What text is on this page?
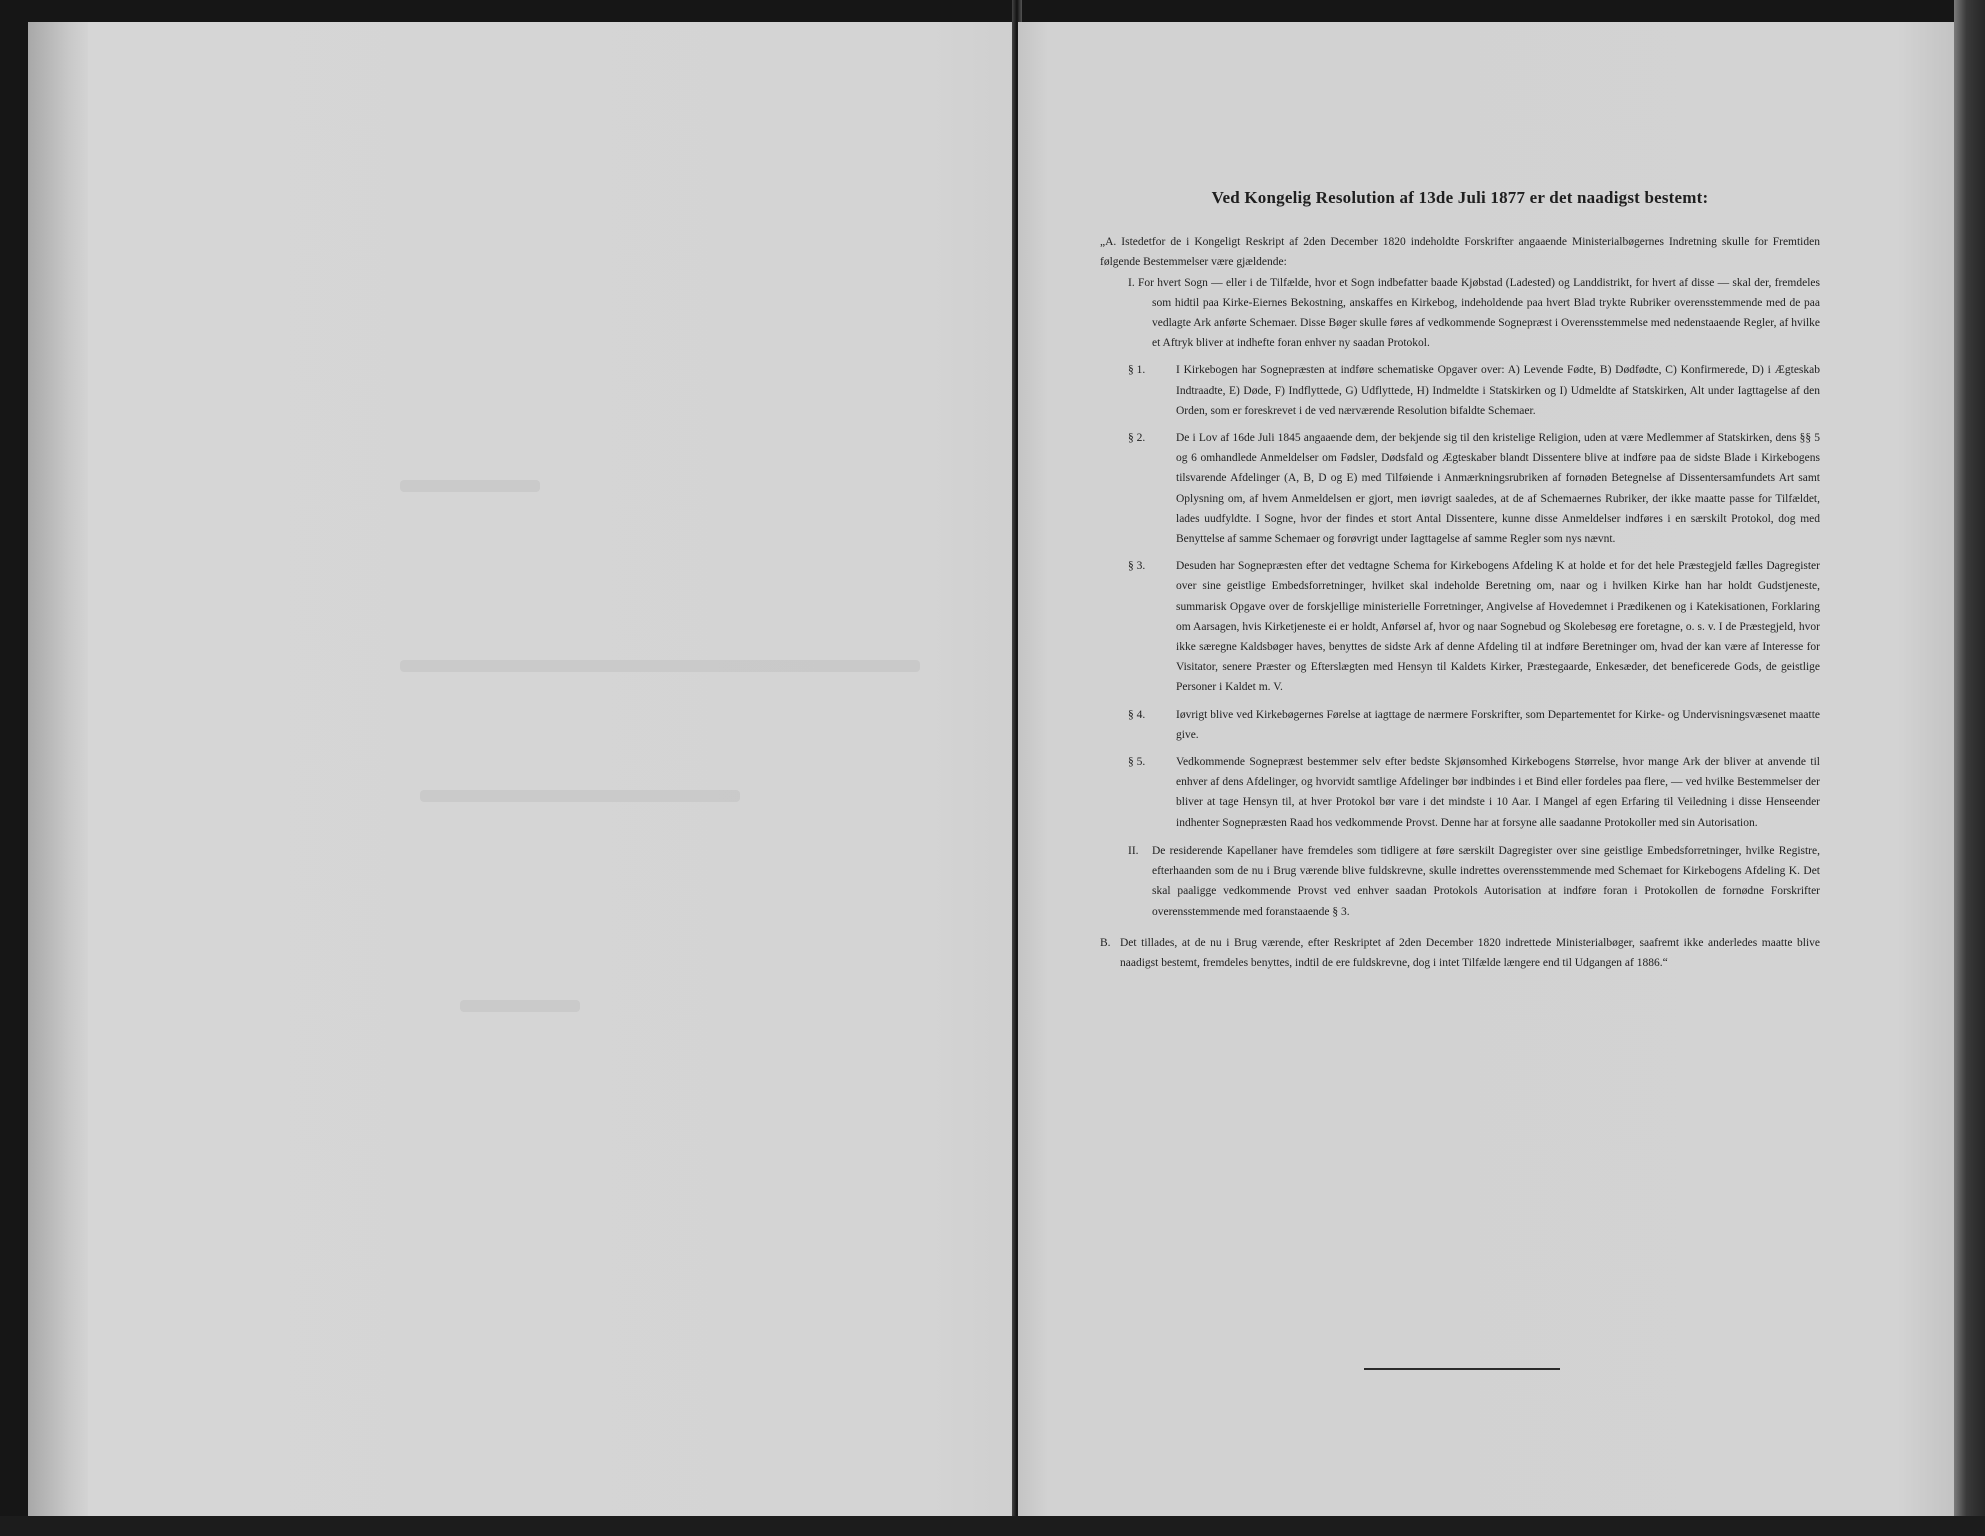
Ved Kongelig Resolution af 13de Juli 1877 er det naadigst bestemt:

„A. Istedetfor de i Kongeligt Reskript af 2den December 1820 indeholdte Forskrifter angaaende Ministerialbøgernes Indretning skulle for Fremtiden følgende Bestemmelser være gjældende:

I. For hvert Sogn — eller i de Tilfælde, hvor et Sogn indbefatter baade Kjøbstad (Ladested) og Landdistrikt, for hvert af disse — skal der, fremdeles som hidtil paa Kirke-Eiernes Bekostning, anskaffes en Kirkebog, indeholdende paa hvert Blad trykte Rubriker overensstemmende med de paa vedlagte Ark anførte Schemaer. Disse Bøger skulle føres af vedkommende Sognepræst i Overensstemmelse med nedenstaaende Regler, af hvilke et Aftryk bliver at indhefte foran enhver ny saadan Protokol.

§ 1.	I Kirkebogen har Sognepræsten at indføre schematiske Opgaver over: A) Levende Fødte, B) Dødfødte, C) Konfirmerede, D) i Ægteskab Indtraadte, E) Døde, F) Indflyttede, G) Udflyttede, H) Indmeldte i Statskirken og I) Udmeldte af Statskirken, Alt under Iagttagelse af den Orden, som er foreskrevet i de ved nærværende Resolution bifaldte Schemaer.

§ 2.	De i Lov af 16de Juli 1845 angaaende dem, der bekjende sig til den kristelige Religion, uden at være Medlemmer af Statskirken, dens §§ 5 og 6 omhandlede Anmeldelser om Fødsler, Dødsfald og Ægteskaber blandt Dissentere blive at indføre paa de sidste Blade i Kirkebogens tilsvarende Afdelinger (A, B, D og E) med Tilføiende i Anmærkningsrubriken af fornøden Betegnelse af Dissentersamfundets Art samt Oplysning om, af hvem Anmeldelsen er gjort, men iøvrigt saaledes, at de af Schemaernes Rubriker, der ikke maatte passe for Tilfældet, lades uudfyldte. I Sogne, hvor der findes et stort Antal Dissentere, kunne disse Anmeldelser indføres i en særskilt Protokol, dog med Benyttelse af samme Schemaer og forøvrigt under Iagttagelse af samme Regler som nys nævnt.

§ 3.	Desuden har Sognepræsten efter det vedtagne Schema for Kirkebogens Afdeling K at holde et for det hele Præstegjeld fælles Dagregister over sine geistlige Embedsforretninger, hvilket skal indeholde Beretning om, naar og i hvilken Kirke han har holdt Gudstjeneste, summarisk Opgave over de forskjellige ministerielle Forretninger, Angivelse af Hovedemnet i Prædikenen og i Katekisationen, Forklaring om Aarsagen, hvis Kirketjeneste ei er holdt, Anførsel af, hvor og naar Sognebud og Skolebesøg ere foretagne, o. s. v. I de Præstegjeld, hvor ikke særegne Kaldsbøger haves, benyttes de sidste Ark af denne Afdeling til at indføre Beretninger om, hvad der kan være af Interesse for Visitator, senere Præster og Efterslægten med Hensyn til Kaldets Kirker, Præstegaarde, Enkesæder, det beneficerede Gods, de geistlige Personer i Kaldet m. V.

§ 4.	Iøvrigt blive ved Kirkebøgernes Førelse at iagttage de nærmere Forskrifter, som Departementet for Kirke- og Undervisningsvæsenet maatte give.

§ 5.	Vedkommende Sognepræst bestemmer selv efter bedste Skjønsomhed Kirkebogens Størrelse, hvor mange Ark der bliver at anvende til enhver af dens Afdelinger, og hvorvidt samtlige Afdelinger bør indbindes i et Bind eller fordeles paa flere, — ved hvilke Bestemmelser der bliver at tage Hensyn til, at hver Protokol bør vare i det mindste i 10 Aar. I Mangel af egen Erfaring til Veiledning i disse Henseender indhenter Sognepræsten Raad hos vedkommende Provst. Denne har at forsyne alle saadanne Protokoller med sin Autorisation.

II. De residerende Kapellaner have fremdeles som tidligere at føre særskilt Dagregister over sine geistlige Embedsforretninger, hvilke Registre, efterhaanden som de nu i Brug værende blive fuldskrevne, skulle indrettes overensstemmende med Schemaet for Kirkebogens Afdeling K. Det skal paaligge vedkommende Provst ved enhver saadan Protokols Autorisation at indføre foran i Protokollen de fornødne Forskrifter overensstemmende med foranstaaende § 3.

B. Det tillades, at de nu i Brug værende, efter Reskriptet af 2den December 1820 indrettede Ministerialbøger, saafremt ikke anderledes maatte blive naadigst bestemt, fremdeles benyttes, indtil de ere fuldskrevne, dog i intet Tilfælde længere end til Udgangen af 1886.“
